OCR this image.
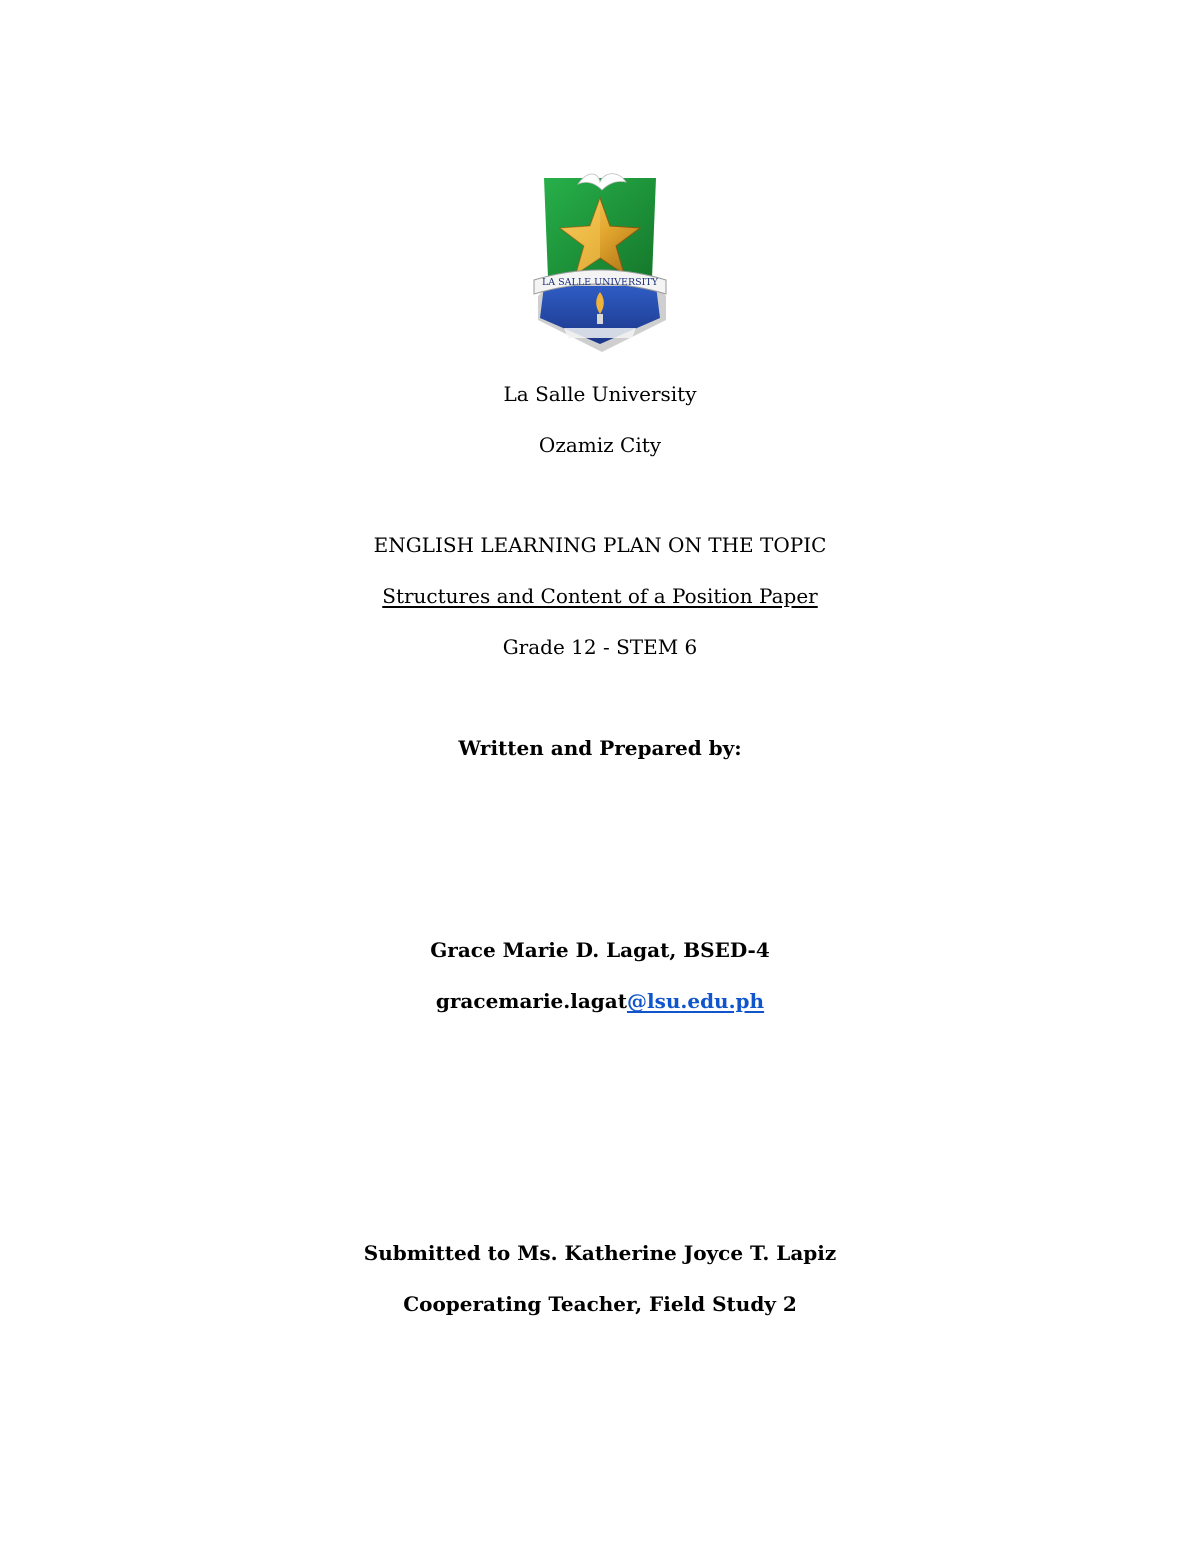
LA SALLE UNIVERSITY
La Salle University
Ozamiz City
ENGLISH LEARNING PLAN ON THE TOPIC
Structures and Content of a Position Paper
Grade 12 - STEM 6
Written and Prepared by:
Grace Marie D. Lagat, BSED-4
gracemarie.lagat@lsu.edu.ph
Submitted to Ms. Katherine Joyce T. Lapiz
Cooperating Teacher, Field Study 2
